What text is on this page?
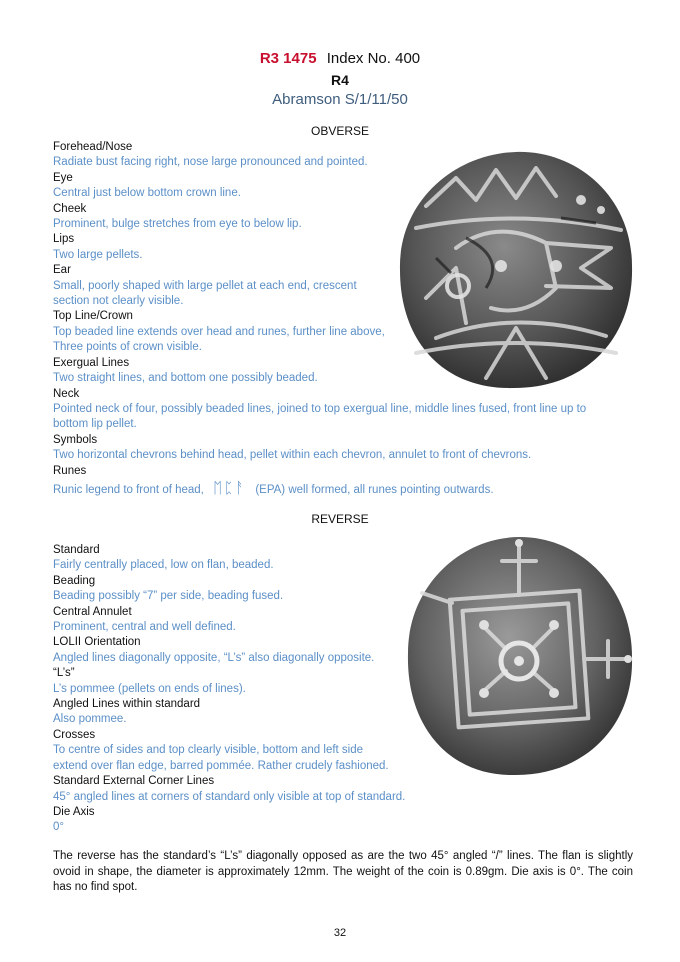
R3 1475 Index No. 400
R4
Abramson S/1/11/50
OBVERSE
Forehead/Nose
Radiate bust facing right, nose large pronounced and pointed.
Eye
Central just below bottom crown line.
Cheek
Prominent, bulge stretches from eye to below lip.
Lips
Two large pellets.
Ear
Small, poorly shaped with large pellet at each end, crescent
section not clearly visible.
Top Line/Crown
Top beaded line extends over head and runes, further line above,
Three points of crown visible.
Exergual Lines
Two straight lines, and bottom one possibly beaded.
Neck
Pointed neck of four, possibly beaded lines, joined to top exergual line, middle lines fused, front line up to
bottom lip pellet.
Symbols
Two horizontal chevrons behind head, pellet within each chevron, annulet to front of chevrons.
Runes
Runic legend to front of head, ᛖᛈᚨ (EPA) well formed, all runes pointing outwards.
REVERSE
Standard
Fairly centrally placed, low on flan, beaded.
Beading
Beading possibly “7” per side, beading fused.
Central Annulet
Prominent, central and well defined.
LOLII Orientation
Angled lines diagonally opposite, “L’s” also diagonally opposite.
“L’s”
L’s pommee (pellets on ends of lines).
Angled Lines within standard
Also pommee.
Crosses
To centre of sides and top clearly visible, bottom and left side
extend over flan edge, barred pommée. Rather crudely fashioned.
Standard External Corner Lines
45° angled lines at corners of standard only visible at top of standard.
Die Axis
0°
The reverse has the standard’s “L’s” diagonally opposed as are the two 45° angled “/” lines. The flan is slightly ovoid in shape, the diameter is approximately 12mm. The weight of the coin is 0.89gm. Die axis is 0°. The coin has no find spot.
32
